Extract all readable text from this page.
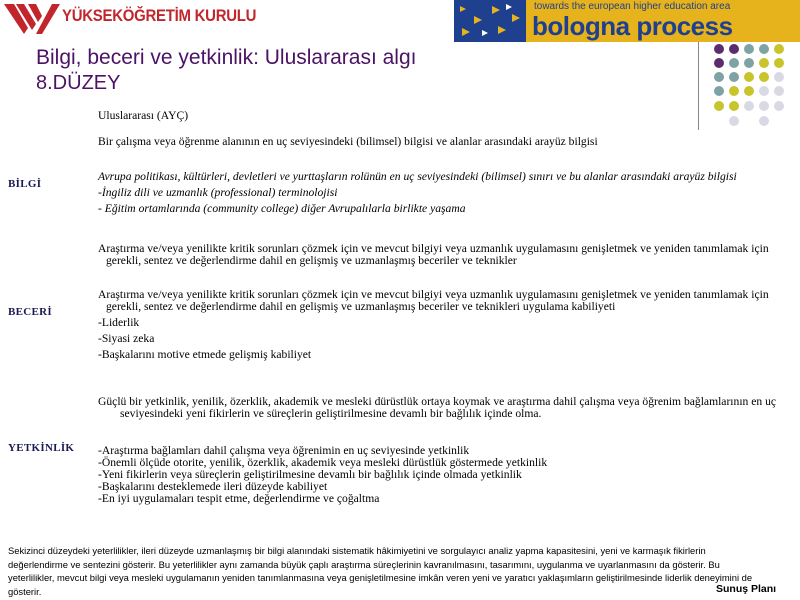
YÜKSEKÖĞRETİM KURULU	towards the european higher education area
bologna process
Bilgi, beceri ve yetkinlik: Uluslararası algı
8.DÜZEY

Uluslararası (AYÇ)

BİLGİ

Bir çalışma veya öğrenme alanının en uç seviyesindeki (bilimsel) bilgisi ve alanlar arasındaki arayüz bilgisi

Avrupa politikası, kültürleri, devletleri ve yurttaşların rolünün en uç seviyesindeki (bilimsel) sınırı ve bu alanlar arasındaki arayüz bilgisi

-İngiliz dili ve uzmanlık (professional) terminolojisi

- Eğitim ortamlarında (community college) diğer Avrupalılarla birlikte yaşama

BECERİ

Araştırma ve/veya yenilikte kritik sorunları çözmek için ve mevcut bilgiyi veya uzmanlık uygulamasını genişletmek ve yeniden tanımlamak için gerekli, sentez ve değerlendirme dahil en gelişmiş ve uzmanlaşmış beceriler ve teknikler

Araştırma ve/veya yenilikte kritik sorunları çözmek için ve mevcut bilgiyi veya uzmanlık uygulamasını genişletmek ve yeniden tanımlamak için gerekli, sentez ve değerlendirme dahil en gelişmiş ve uzmanlaşmış beceriler ve teknikleri uygulama kabiliyeti

-Liderlik

-Siyasi zeka

-Başkalarını motive etmede gelişmiş kabiliyet

YETKİNLİK

Güçlü bir yetkinlik, yenilik, özerklik, akademik ve mesleki dürüstlük ortaya koymak ve araştırma dahil çalışma veya öğrenim bağlamlarının en uç seviyesindeki yeni fikirlerin ve süreçlerin geliştirilmesine devamlı bir bağlılık içinde olma.

-Araştırma bağlamları dahil çalışma veya öğrenimin en uç seviyesinde yetkinlik

-Önemli ölçüde otorite, yenilik, özerklik, akademik veya mesleki dürüstlük göstermede yetkinlik

-Yeni fikirlerin veya süreçlerin geliştirilmesine devamlı bir bağlılık içinde olmada yetkinlik

-Başkalarını desteklemede ileri düzeyde kabiliyet

-En iyi uygulamaları tespit etme, değerlendirme ve çoğaltma

Sekizinci düzeydeki yeterlilikler, ileri düzeyde uzmanlaşmış bir bilgi alanındaki sistematik hâkimiyetini ve sorgulayıcı analiz yapma kapasitesini, yeni ve karmaşık fikirlerin değerlendirme ve sentezini gösterir. Bu yeterlilikler aynı zamanda büyük çaplı araştırma süreçlerinin kavranılmasını, tasarımını, uygulanma ve uyarlanmasını da gösterir. Bu yeterlilikler, mevcut bilgi veya mesleki uygulamanın yeniden tanımlanmasına veya genişletilmesine imkân veren yeni ve yaratıcı yaklaşımların geliştirilmesinde liderlik deneyimini de gösterir.	Sunuş Planı
